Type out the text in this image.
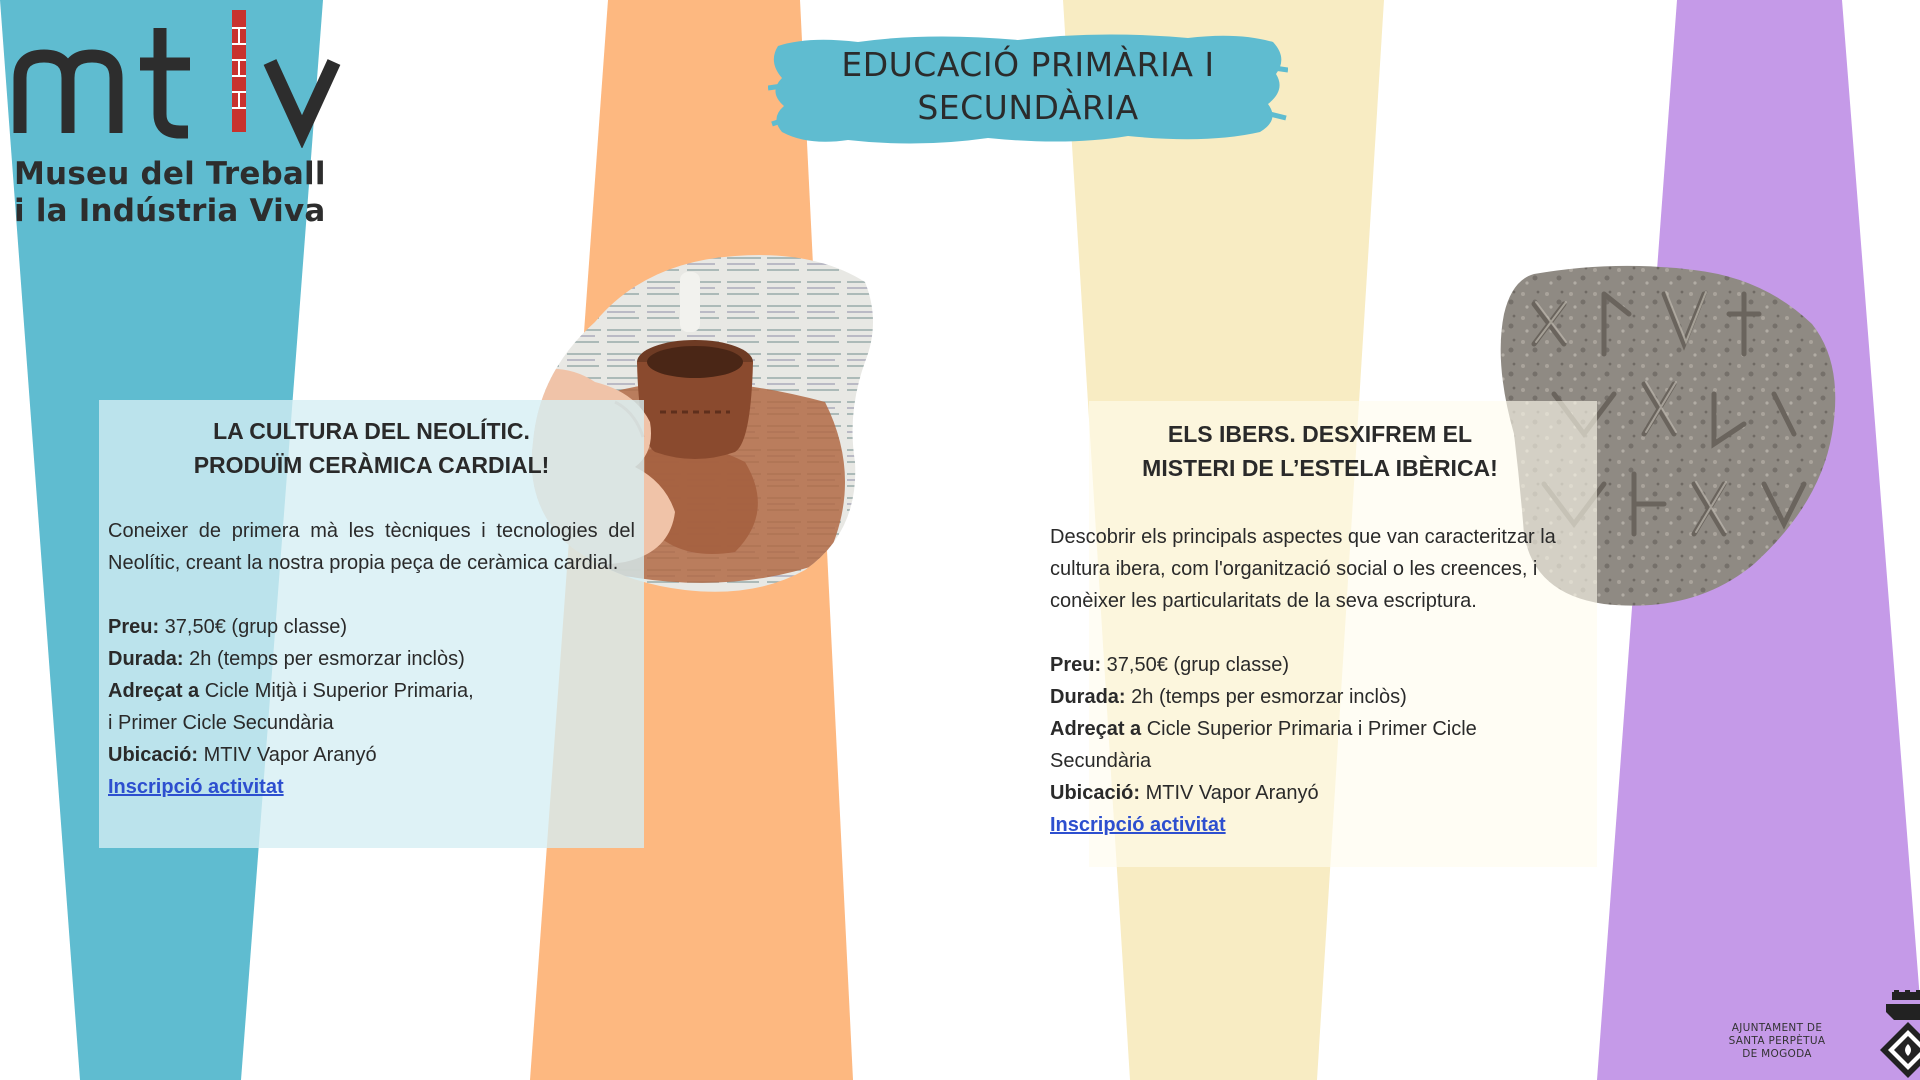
Museu del Treball
i la Indústria Viva
EDUCACIÓ PRIMÀRIA I
SECUNDÀRIA
LA CULTURA DEL NEOLÍTIC.
PRODUÏM CERÀMICA CARDIAL!
Coneixer de primera mà les tècniques i tecnologies del Neolític, creant la nostra propia peça de ceràmica cardial.
Preu: 37,50€ (grup classe)
Durada: 2h (temps per esmorzar inclòs)
Adreçat a Cicle Mitjà i Superior Primaria,
i Primer Cicle Secundària
Ubicació: MTIV Vapor Aranyó
Inscripció activitat
ELS IBERS. DESXIFREM EL
MISTERI DE L’ESTELA IBÈRICA!
Descobrir els principals aspectes que van caracteritzar la
cultura ibera, com l'organització social o les creences, i
conèixer les particularitats de la seva escriptura.
Preu: 37,50€ (grup classe)
Durada: 2h (temps per esmorzar inclòs)
Adreçat a Cicle Superior Primaria i Primer Cicle
Secundària
Ubicació: MTIV Vapor Aranyó
Inscripció activitat
AJUNTAMENT DE
SANTA PERPÈTUA
DE MOGODA
